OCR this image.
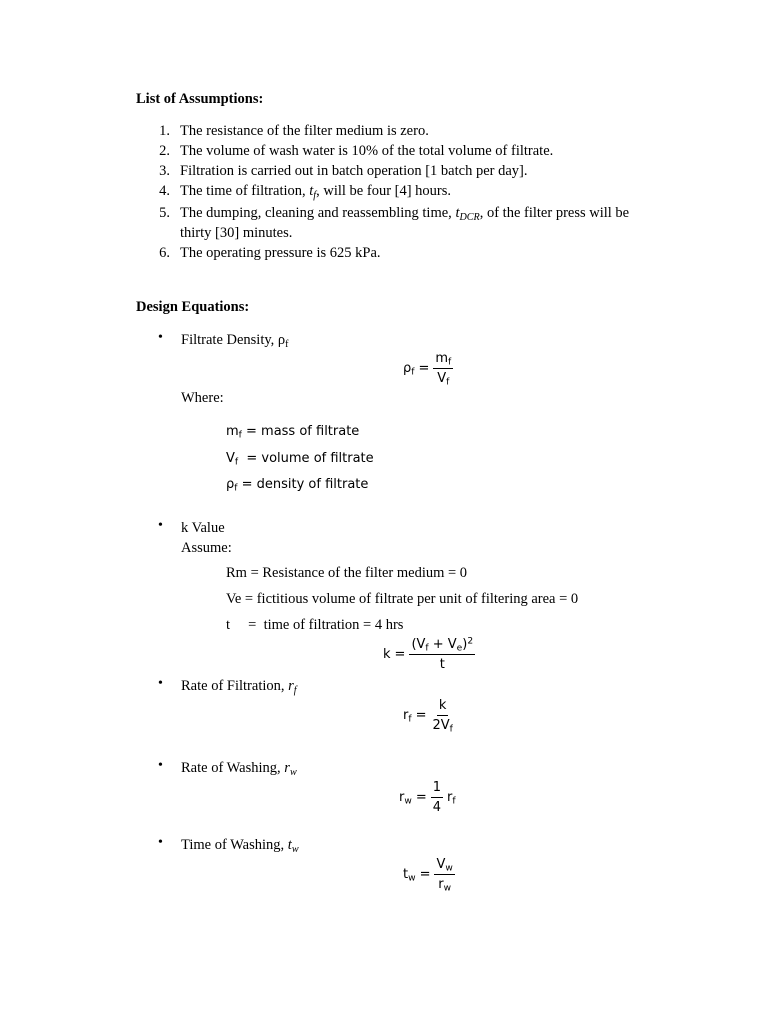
List of Assumptions:
1. The resistance of the filter medium is zero.
2. The volume of wash water is 10% of the total volume of filtrate.
3. Filtration is carried out in batch operation [1 batch per day].
4. The time of filtration, $t_f$, will be four [4] hours.
5. The dumping, cleaning and reassembling time, $t_{DCR}$, of the filter press will be
thirty [30] minutes.
6. The operating pressure is 625 kPa.
Design Equations:
• Filtrate Density, $\rho_f$
$\rho_f = \frac{m_f}{V_f}$
Where:
$m_f$ = mass of filtrate
$V_f$  = volume of filtrate
$\rho_f$ = density of filtrate
• k Value
Assume:
Rm = Resistance of the filter medium = 0
Ve = fictitious volume of filtrate per unit of filtering area = 0
t     =  time of filtration = 4 hrs
$k = \frac{(V_f + V_e)^2}{t}$
• Rate of Filtration, $r_f$
$r_f = \frac{k}{2V_f}$
• Rate of Washing, $r_w$
$r_w = \frac{1}{4} r_f$
• Time of Washing, $t_w$
$t_w = \frac{V_w}{r_w}$
